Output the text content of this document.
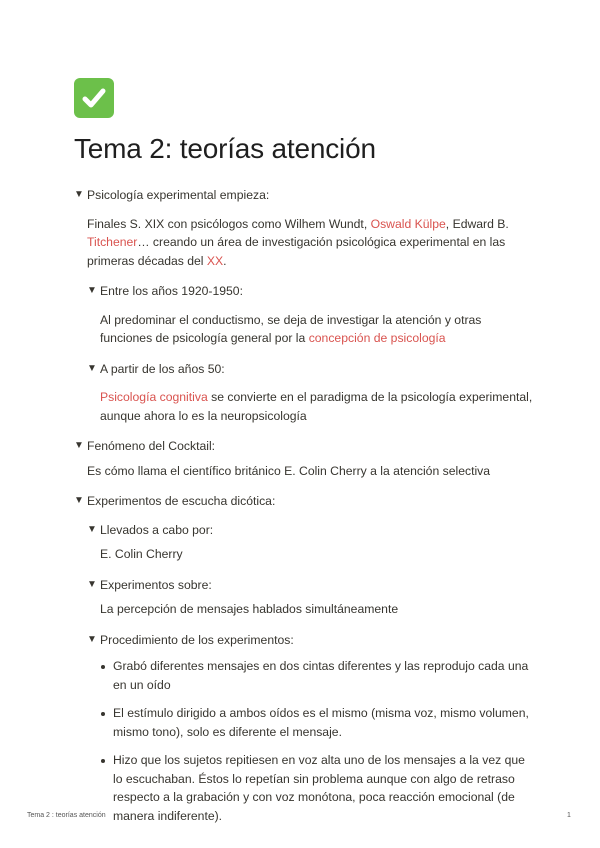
Tema 2: teorías atención
▼ Psicología experimental empieza:

Finales S. XIX con psicólogos como Wilhem Wundt, Oswald Külpe, Edward B. Titchener… creando un área de investigación psicológica experimental en las primeras décadas del XX.

▼ Entre los años 1920-1950:

Al predominar el conductismo, se deja de investigar la atención y otras funciones de psicología general por la concepción de psicología

▼ A partir de los años 50:

Psicología cognitiva se convierte en el paradigma de la psicología experimental, aunque ahora lo es la neuropsicología

▼ Fenómeno del Cocktail:

Es cómo llama el científico británico E. Colin Cherry a la atención selectiva

▼ Experimentos de escucha dicótica:
▼ Llevados a cabo por:

E. Colin Cherry

▼ Experimentos sobre:

La percepción de mensajes hablados simultáneamente

▼ Procedimiento de los experimentos:
Grabó diferentes mensajes en dos cintas diferentes y las reprodujo cada una en un oído
El estímulo dirigido a ambos oídos es el mismo (misma voz, mismo volumen, mismo tono), solo es diferente el mensaje.
Hizo que los sujetos repitiesen en voz alta uno de los mensajes a la vez que lo escuchaban. Éstos lo repetían sin problema aunque con algo de retraso respecto a la grabación y con voz monótona, poca reacción emocional (de manera indiferente).
Tema 2 : teorías atención	1
